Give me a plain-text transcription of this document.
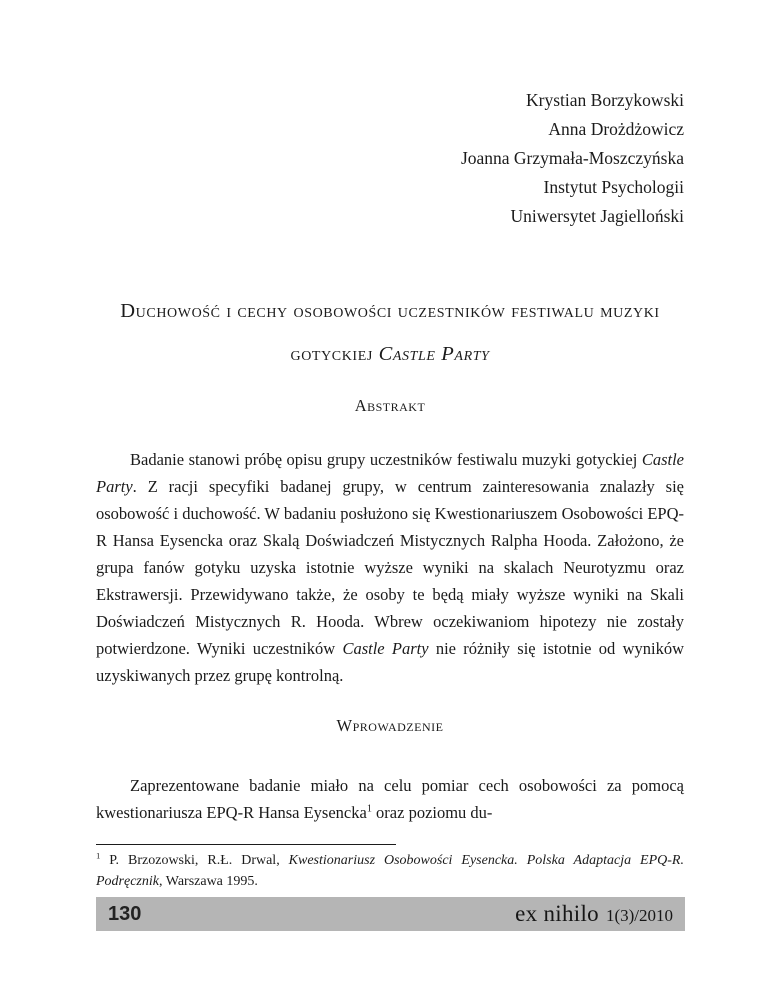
Krystian Borzykowski
Anna Drożdżowicz
Joanna Grzymała-Moszczyńska
Instytut Psychologii
Uniwersytet Jagielloński
Duchowość i cechy osobowości uczestników festiwalu muzyki gotyckiej Castle Party
Abstrakt

Badanie stanowi próbę opisu grupy uczestników festiwalu muzyki gotyckiej Castle Party. Z racji specyfiki badanej grupy, w centrum zainteresowania znalazły się osobowość i duchowość. W badaniu posłużono się Kwestionariuszem Osobowości EPQ-R Hansa Eysencka oraz Skalą Doświadczeń Mistycznych Ralpha Hooda. Założono, że grupa fanów gotyku uzyska istotnie wyższe wyniki na skalach Neurotyzmu oraz Ekstrawersji. Przewidywano także, że osoby te będą miały wyższe wyniki na Skali Doświadczeń Mistycznych R. Hooda. Wbrew oczekiwaniom hipotezy nie zostały potwierdzone. Wyniki uczestników Castle Party nie różniły się istotnie od wyników uzyskiwanych przez grupę kontrolną.

Wprowadzenie

Zaprezentowane badanie miało na celu pomiar cech osobowości za pomocą kwestionariusza EPQ-R Hansa Eysencka$^1$ oraz poziomu du-

$^1$ P. Brzozowski, R.Ł. Drwal, Kwestionariusz Osobowości Eysencka. Polska Adaptacja EPQ-R. Podręcznik, Warszawa 1995.

130	ex nihilo 1(3)/2010
